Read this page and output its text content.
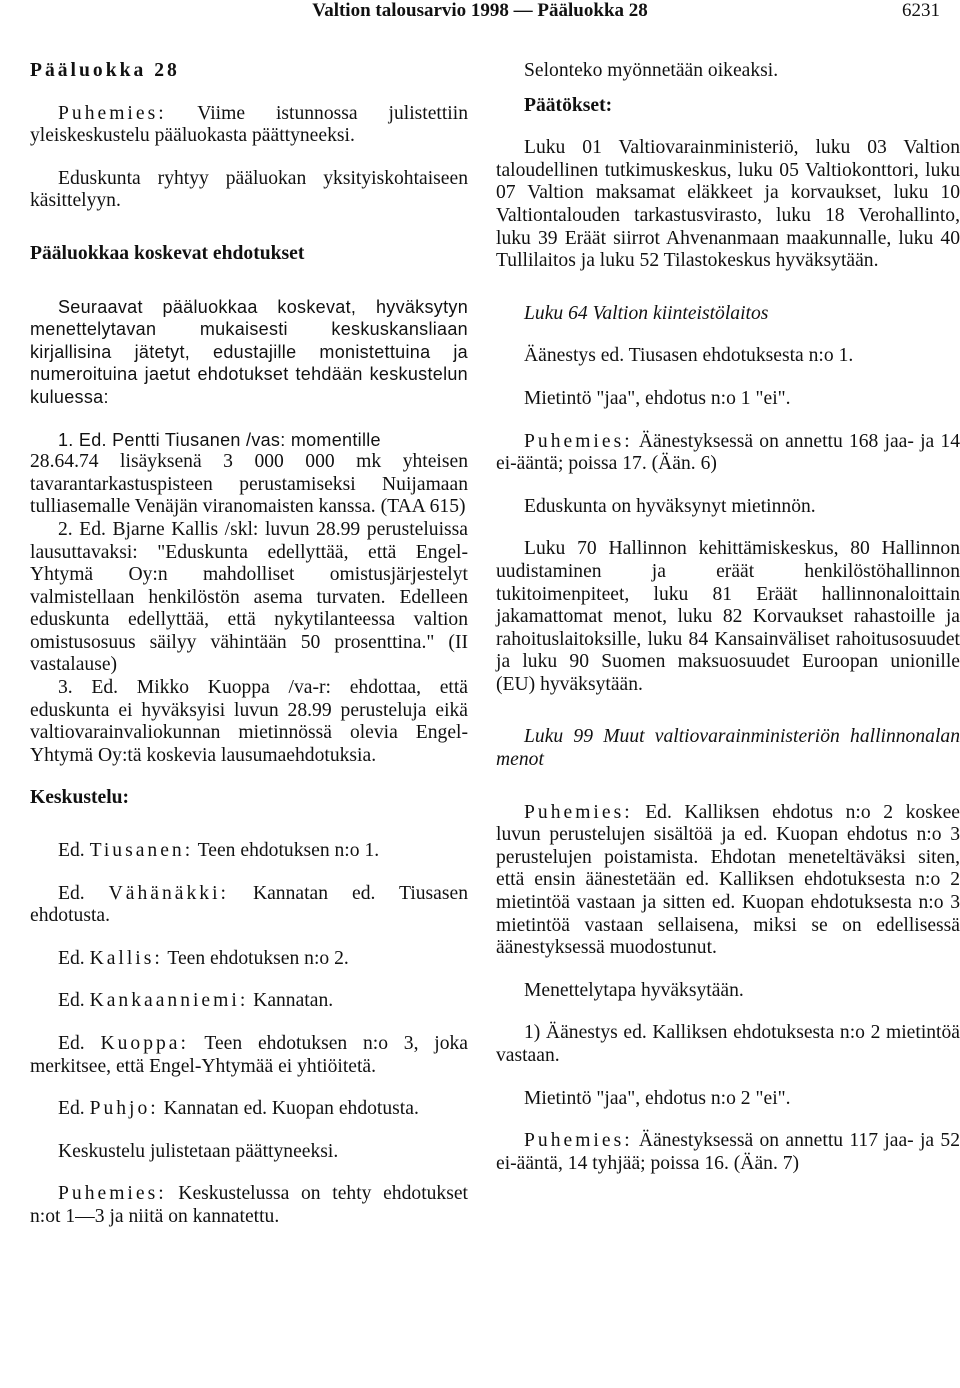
Valtion talousarvio 1998 — Pääluokka 28	6231

Pääluokka 28

Puhemies: Viime istunnossa julistettiin yleiskeskustelu pääluokasta päättyneeksi.

Eduskunta ryhtyy pääluokan yksityiskohtaiseen käsittelyyn.

Pääluokkaa koskevat ehdotukset

Seuraavat pääluokkaa koskevat, hyväksytyn menettelytavan mukaisesti keskuskansliaan kirjallisina jätetyt, edustajille monistettuina ja numeroituina jaetut ehdotukset tehdään keskustelun kuluessa:

1. Ed. Pentti Tiusanen /vas: momentille

28.64.74 lisäyksenä 3 000 000 mk yhteisen tavarantarkastuspisteen perustamiseksi Nuijamaan tulliasemalle Venäjän viranomaisten kanssa. (TAA 615)

2. Ed. Bjarne Kallis /skl: luvun 28.99 perusteluissa lausuttavaksi: "Eduskunta edellyttää, että Engel-Yhtymä Oy:n mahdolliset omistusjärjestelyt valmistellaan henkilöstön asema turvaten. Edelleen eduskunta edellyttää, että nykytilanteessa valtion omistusosuus säilyy vähintään 50 prosenttina." (II vastalause)

3. Ed. Mikko Kuoppa /va-r: ehdottaa, että eduskunta ei hyväksyisi luvun 28.99 perusteluja eikä valtiovarainvaliokunnan mietinnössä olevia Engel-Yhtymä Oy:tä koskevia lausumaehdotuksia.

Keskustelu:

Ed. Tiusanen: Teen ehdotuksen n:o 1.

Ed. Vähänäkki: Kannatan ed. Tiusasen ehdotusta.

Ed. Kallis: Teen ehdotuksen n:o 2.

Ed. Kankaanniemi: Kannatan.

Ed. Kuoppa: Teen ehdotuksen n:o 3, joka merkitsee, että Engel-Yhtymää ei yhtiöitetä.

Ed. Puhjo: Kannatan ed. Kuopan ehdotusta.

Keskustelu julistetaan päättyneeksi.

Puhemies: Keskustelussa on tehty ehdotukset n:ot 1—3 ja niitä on kannatettu.

Selonteko myönnetään oikeaksi.

Päätökset:

Luku 01 Valtiovarainministeriö, luku 03 Valtion taloudellinen tutkimuskeskus, luku 05 Valtiokonttori, luku 07 Valtion maksamat eläkkeet ja korvaukset, luku 10 Valtiontalouden tarkastusvirasto, luku 18 Verohallinto, luku 39 Eräät siirrot Ahvenanmaan maakunnalle, luku 40 Tullilaitos ja luku 52 Tilastokeskus hyväksytään.

Luku 64 Valtion kiinteistölaitos

Äänestys ed. Tiusasen ehdotuksesta n:o 1.

Mietintö "jaa", ehdotus n:o 1 "ei".

Puhemies: Äänestyksessä on annettu 168 jaa- ja 14 ei-ääntä; poissa 17. (Ään. 6)

Eduskunta on hyväksynyt mietinnön.

Luku 70 Hallinnon kehittämiskeskus, 80 Hallinnon uudistaminen ja eräät henkilöstöhallinnon tukitoimenpiteet, luku 81 Eräät hallinnonaloittain jakamattomat menot, luku 82 Korvaukset rahastoille ja rahoituslaitoksille, luku 84 Kansainväliset rahoitusosuudet ja luku 90 Suomen maksuosuudet Euroopan unionille (EU) hyväksytään.

Luku 99 Muut valtiovarainministeriön hallinnonalan menot

Puhemies: Ed. Kalliksen ehdotus n:o 2 koskee luvun perustelujen sisältöä ja ed. Kuopan ehdotus n:o 3 perustelujen poistamista. Ehdotan meneteltäväksi siten, että ensin äänestetään ed. Kalliksen ehdotuksesta n:o 2 mietintöä vastaan ja sitten ed. Kuopan ehdotuksesta n:o 3 mietintöä vastaan sellaisena, miksi se on edellisessä äänestyksessä muodostunut.

Menettelytapa hyväksytään.

1) Äänestys ed. Kalliksen ehdotuksesta n:o 2 mietintöä vastaan.

Mietintö "jaa", ehdotus n:o 2 "ei".

Puhemies: Äänestyksessä on annettu 117 jaa- ja 52 ei-ääntä, 14 tyhjää; poissa 16. (Ään. 7)
